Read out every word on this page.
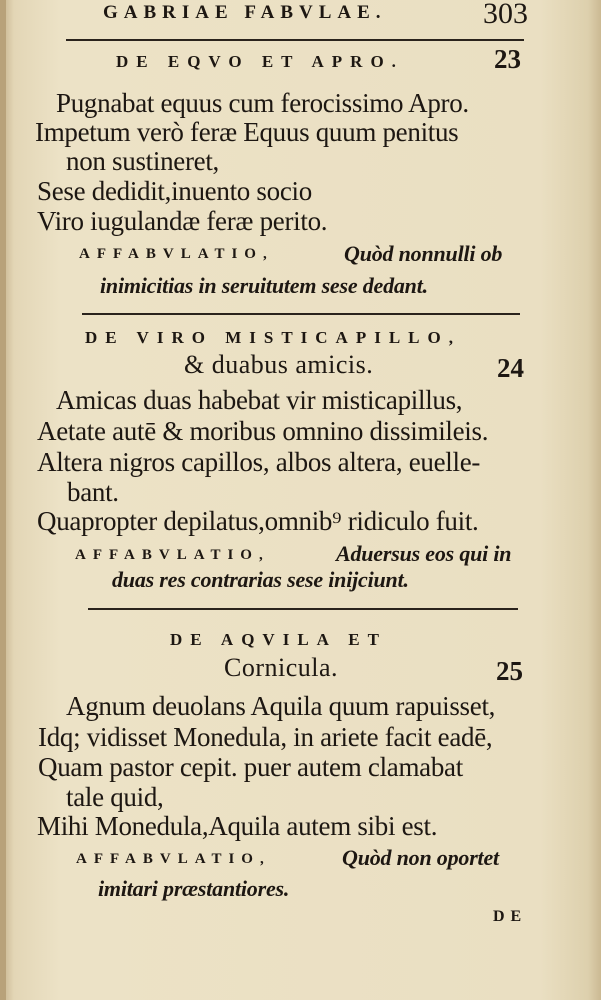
GABRIAE FABVLAE.	303
DE EQVO ET APRO.	23
Pugnabat equus cum ferocissimo Apro.
Impetum verò feræ Equus quum penitus
non sustineret,
Sese dedidit,inuento socio
Viro iugulandæ feræ perito.
AFFABVLATIO,	Quòd nonnulli ob
inimicitias in seruitutem sese dedant.
DE VIRO MISTICAPILLO,
& duabus amicis.	24
Amicas duas habebat vir misticapillus,
Aetate autē & moribus omnino dissimileis.
Altera nigros capillos, albos altera, euelle-
bant.
Quapropter depilatus,omnib⁹ ridiculo fuit.
AFFABVLATIO,	Aduersus eos qui in
duas res contrarias sese inijciunt.
DE AQVILA ET
Cornicula.	25
Agnum deuolans Aquila quum rapuisset,
Idq; vidisset Monedula, in ariete facit eadē,
Quam pastor cepit. puer autem clamabat
tale quid,
Mihi Monedula,Aquila autem sibi est.
AFFABVLATIO,	Quòd non oportet
imitari præstantiores.
DE
